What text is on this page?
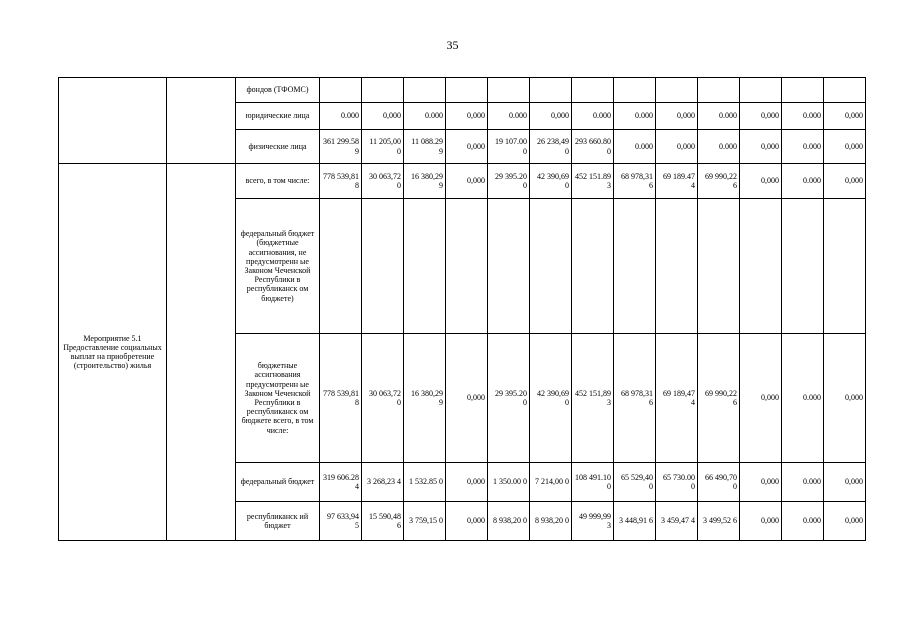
35
		фондов (ТФОМС)													
		юридические лица	0.000	0,000	0.000	0,000	0.000	0,000	0.000	0.000	0,000	0.000	0,000	0.000	0,000
		физические лица	361 299.58 9	11 205,00 0	11 088.29 9	0,000	19 107.00 0	26 238,49 0	293 660.80 0	0.000	0,000	0.000	0,000	0.000	0,000
Мероприятие 5.1 Предоставление социальных выплат на приобретение (строительство) жилья		всего, в том числе:	778 539,81 8	30 063,72 0	16 380,29 9	0,000	29 395.20 0	42 390,69 0	452 151.89 3	68 978,31 6	69 189.47 4	69 990,22 6	0,000	0.000	0,000
		федеральный бюджет (бюджетные ассигнования, не предусмотренн ые Законом Чеченской Республики в республиканск ом бюджете)													
		бюджетные ассигнования предусмотренн ые Законом Чеченской Республики в республиканск ом бюджете всего, в том числе:	778 539,81 8	30 063,72 0	16 380,29 9	0,000	29 395.20 0	42 390,69 0	452 151,89 3	68 978,31 6	69 189,47 4	69 990,22 6	0,000	0.000	0,000
		федеральный бюджет	319 606.28 4	3 268,23 4	1 532.85 0	0,000	1 350.00 0	7 214,00 0	108 491.10 0	65 529,40 0	65 730.00 0	66 490,70 0	0,000	0.000	0,000
		республиканск ий бюджет	97 633,94 5	15 590,48 6	3 759,15 0	0,000	8 938,20 0	8 938,20 0	49 999,99 3	3 448,91 6	3 459,47 4	3 499,52 6	0,000	0.000	0,000
